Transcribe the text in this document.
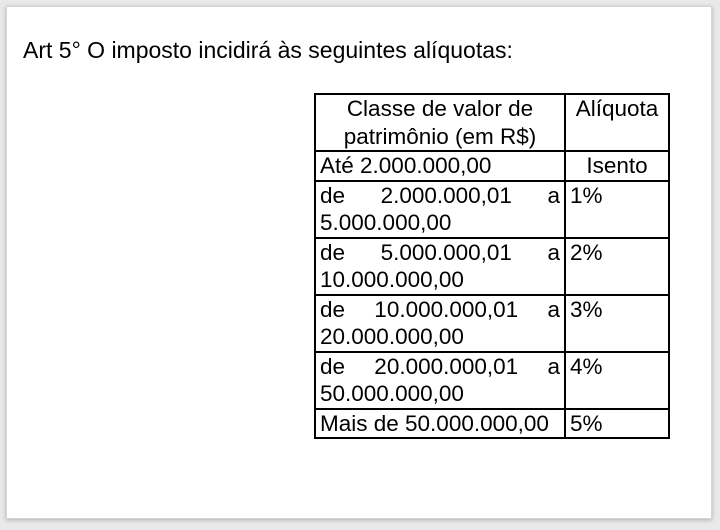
Art 5° O imposto incidirá às seguintes alíquotas:

Classe de valor de patrimônio (em R$)	Alíquota
Até 2.000.000,00	Isento
de 2.000.000,01 a 5.000.000,00	1%
de 5.000.000,01 a 10.000.000,00	2%
de 10.000.000,01 a 20.000.000,00	3%
de 20.000.000,01 a 50.000.000,00	4%
Mais de 50.000.000,00	5%
